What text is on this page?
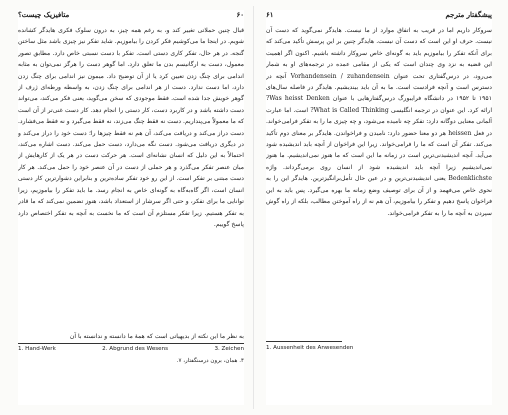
۶۰
متافیزیک چیست؟
قبال چنین حملاتی تغییر کند و، به رغم همه چیز، به درون سلوک فکری هایدگر کشانده شویم. در اینجا ما می‌کوشیم فکر کردن را بیاموزیم. شاید تفکر نیز چیزی باشد مثل ساختن گنجه. در هر حال، تفکر کاری دستی است. تفکر با دست نسبتی خاص دارد. مطابق تصور معمول، دست به ارگانیسم بدن ما تعلق دارد. اما گوهر دست را هرگز نمی‌توان به مثابه اندامی برای چنگ زدن تعیین کرد یا از آن توضیح داد. میمون نیز اندامی برای چنگ زدن دارد، اما دست ندارد. دست از هر اندامی برای چنگ زدن، به واسطه ورطه‌ای ژرف از گوهر خویش جدا شده است. فقط موجودی که سخن می‌گوید، یعنی فکر می‌کند، می‌تواند دست داشته باشد و در کاربرد دست، کار دستی را انجام دهد. کار دست غنی‌تر از آن است که ما معمولاً می‌پنداریم. دست نه فقط چنگ می‌زند، نه فقط می‌گیرد و نه فقط می‌فشارد. دست دراز می‌کند و دریافت می‌کند، آن هم نه فقط چیزها را؛ دست خود را دراز می‌کند و در دیگری دریافت می‌شود. دست نگه می‌دارد، دست حمل می‌کند. دست اشاره می‌کند، احتمالاً به این دلیل که انسان نشانه‌ای است. هر حرکت دست در هر یک از کارهایش از میان عنصر تفکر می‌گذرد و هر حملی از دست در آن عنصر خود را حمل می‌کند. هر کار دست مبتنی بر تفکر است. از این رو خود تفکر ساده‌ترین و بنابراین دشوارترین کار دستی انسان است، اگر گاه‌به‌گاه به گونه‌ای خاص به انجام رسد. ما باید تفکر را بیاموزیم، زیرا توانایی ما برای تفکر، و حتی اگر سرشار از استعداد باشد، هنوز تضمین نمی‌کند که ما قادر به تفکر هستیم. زیرا تفکر مستلزم آن است که ما نخست به آنچه به تفکر اختصاص دارد پاسخ گوییم.
به نظر ما این نکته از بدیهیاتی است که همهٔ ما دانسته و ندانسته با آن
1. Hand-Werk	2. Abgrund des Wesens	3. Zeichen
۴. همان، برون درسنگفتار، ۷.
پیشگفتار مترجم
۶۱
سروکار داریم اما در قریب به اتفاق موارد از ما نیست. هایدگر نمی‌گوید که دست آن نیست. حرف او این است که دست آن نیست. هایدگر چنین بر این پرسش تأکید می‌کند که برای آنکه تفکر را بیاموزیم باید به گونه‌ای خاص سروکار داشته باشیم. اکنون اگر اهمیت این قضیه به نزد وی چندان است که یکی از مقامی عمده در ترجمه‌های او به شمار می‌رود، در درس‌گفتاری تحت عنوان Vorhandensein / zuhandensein آنچه در دسترس است و آنچه فرادست است. ما به آن باید بیندیشیم. هایدگر در فاصله سال‌های ۱۹۵۱ تا ۱۹۵۲ در دانشگاه فرایبورگ درس‌گفتارهایی با عنوان Was heisst Denken? ارائه کرد. این عنوان در ترجمه انگلیسی What is Called Thinking? است. اما عبارت آلمانی معنایی دوگانه دارد: تفکر چه نامیده می‌شود، و چه چیزی ما را به تفکر فرامی‌خواند. در فعل heissen هر دو معنا حضور دارد: نامیدن و فراخواندن. هایدگر بر معنای دوم تأکید می‌کند. تفکر آن است که ما را فرامی‌خواند. زیرا این فراخوان از آنچه باید اندیشیده شود می‌آید. آنچه اندیشیدنی‌ترین است در زمانه ما این است که ما هنوز نمی‌اندیشیم. ما هنوز نمی‌اندیشیم زیرا آنچه باید اندیشیده شود از انسان روی برمی‌گرداند. واژه Bedenklichste یعنی اندیشیدنی‌ترین و در عین حال تأمل‌برانگیزترین. هایدگر این را به نحوی خاص می‌فهمد و از آن برای توصیف وضع زمانه ما بهره می‌گیرد. پس باید به این فراخوان پاسخ دهیم و تفکر را بیاموزیم، آن هم نه از راه آموختن مطالب، بلکه از راه گوش سپردن به آنچه ما را به تفکر فرامی‌خواند.
1. Aussenheit des Anwesenden
